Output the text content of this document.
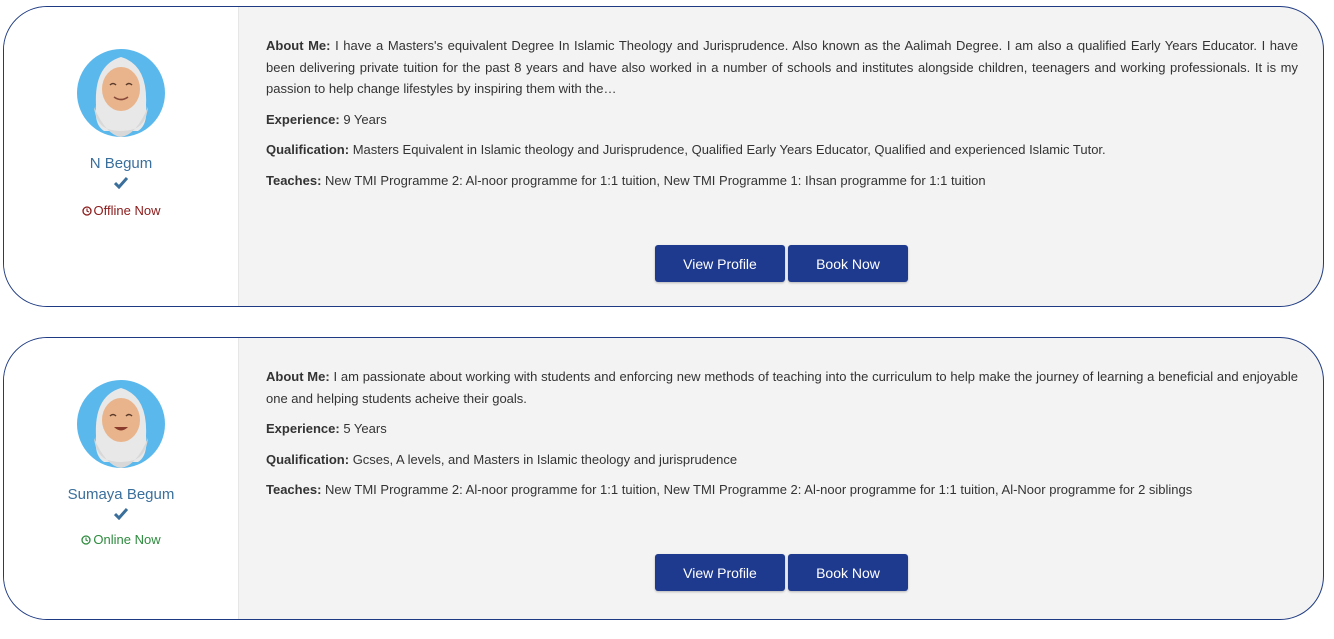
N Begum
Offline Now

About Me: I have a Masters's equivalent Degree In Islamic Theology and Jurisprudence. Also known as the Aalimah Degree. I am also a qualified Early Years Educator. I have been delivering private tuition for the past 8 years and have also worked in a number of schools and institutes alongside children, teenagers and working professionals. It is my passion to help change lifestyles by inspiring them with the…

Experience: 9 Years

Qualification: Masters Equivalent in Islamic theology and Jurisprudence, Qualified Early Years Educator, Qualified and experienced Islamic Tutor.

Teaches: New TMI Programme 2: Al-noor programme for 1:1 tuition, New TMI Programme 1: Ihsan programme for 1:1 tuition

View Profile	Book Now
Sumaya Begum
Online Now

About Me: I am passionate about working with students and enforcing new methods of teaching into the curriculum to help make the journey of learning a beneficial and enjoyable one and helping students acheive their goals.

Experience: 5 Years

Qualification: Gcses, A levels, and Masters in Islamic theology and jurisprudence

Teaches: New TMI Programme 2: Al-noor programme for 1:1 tuition, New TMI Programme 2: Al-noor programme for 1:1 tuition, Al-Noor programme for 2 siblings

View Profile	Book Now
